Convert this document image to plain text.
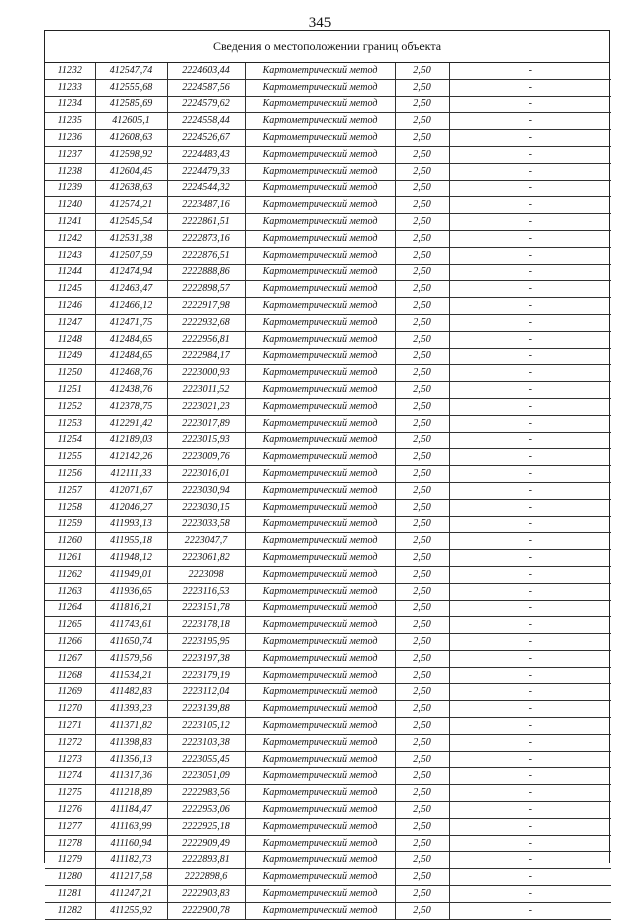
345
Сведения о местоположении границ объекта
11232	412547,74	2224603,44	Картометрический метод	2,50	-
11233	412555,68	2224587,56	Картометрический метод	2,50	-
11234	412585,69	2224579,62	Картометрический метод	2,50	-
11235	412605,1	2224558,44	Картометрический метод	2,50	-
11236	412608,63	2224526,67	Картометрический метод	2,50	-
11237	412598,92	2224483,43	Картометрический метод	2,50	-
11238	412604,45	2224479,33	Картометрический метод	2,50	-
11239	412638,63	2224544,32	Картометрический метод	2,50	-
11240	412574,21	2223487,16	Картометрический метод	2,50	-
11241	412545,54	2222861,51	Картометрический метод	2,50	-
11242	412531,38	2222873,16	Картометрический метод	2,50	-
11243	412507,59	2222876,51	Картометрический метод	2,50	-
11244	412474,94	2222888,86	Картометрический метод	2,50	-
11245	412463,47	2222898,57	Картометрический метод	2,50	-
11246	412466,12	2222917,98	Картометрический метод	2,50	-
11247	412471,75	2222932,68	Картометрический метод	2,50	-
11248	412484,65	2222956,81	Картометрический метод	2,50	-
11249	412484,65	2222984,17	Картометрический метод	2,50	-
11250	412468,76	2223000,93	Картометрический метод	2,50	-
11251	412438,76	2223011,52	Картометрический метод	2,50	-
11252	412378,75	2223021,23	Картометрический метод	2,50	-
11253	412291,42	2223017,89	Картометрический метод	2,50	-
11254	412189,03	2223015,93	Картометрический метод	2,50	-
11255	412142,26	2223009,76	Картометрический метод	2,50	-
11256	412111,33	2223016,01	Картометрический метод	2,50	-
11257	412071,67	2223030,94	Картометрический метод	2,50	-
11258	412046,27	2223030,15	Картометрический метод	2,50	-
11259	411993,13	2223033,58	Картометрический метод	2,50	-
11260	411955,18	2223047,7	Картометрический метод	2,50	-
11261	411948,12	2223061,82	Картометрический метод	2,50	-
11262	411949,01	2223098	Картометрический метод	2,50	-
11263	411936,65	2223116,53	Картометрический метод	2,50	-
11264	411816,21	2223151,78	Картометрический метод	2,50	-
11265	411743,61	2223178,18	Картометрический метод	2,50	-
11266	411650,74	2223195,95	Картометрический метод	2,50	-
11267	411579,56	2223197,38	Картометрический метод	2,50	-
11268	411534,21	2223179,19	Картометрический метод	2,50	-
11269	411482,83	2223112,04	Картометрический метод	2,50	-
11270	411393,23	2223139,88	Картометрический метод	2,50	-
11271	411371,82	2223105,12	Картометрический метод	2,50	-
11272	411398,83	2223103,38	Картометрический метод	2,50	-
11273	411356,13	2223055,45	Картометрический метод	2,50	-
11274	411317,36	2223051,09	Картометрический метод	2,50	-
11275	411218,89	2222983,56	Картометрический метод	2,50	-
11276	411184,47	2222953,06	Картометрический метод	2,50	-
11277	411163,99	2222925,18	Картометрический метод	2,50	-
11278	411160,94	2222909,49	Картометрический метод	2,50	-
11279	411182,73	2222893,81	Картометрический метод	2,50	-
11280	411217,58	2222898,6	Картометрический метод	2,50	-
11281	411247,21	2222903,83	Картометрический метод	2,50	-
11282	411255,92	2222900,78	Картометрический метод	2,50	-
